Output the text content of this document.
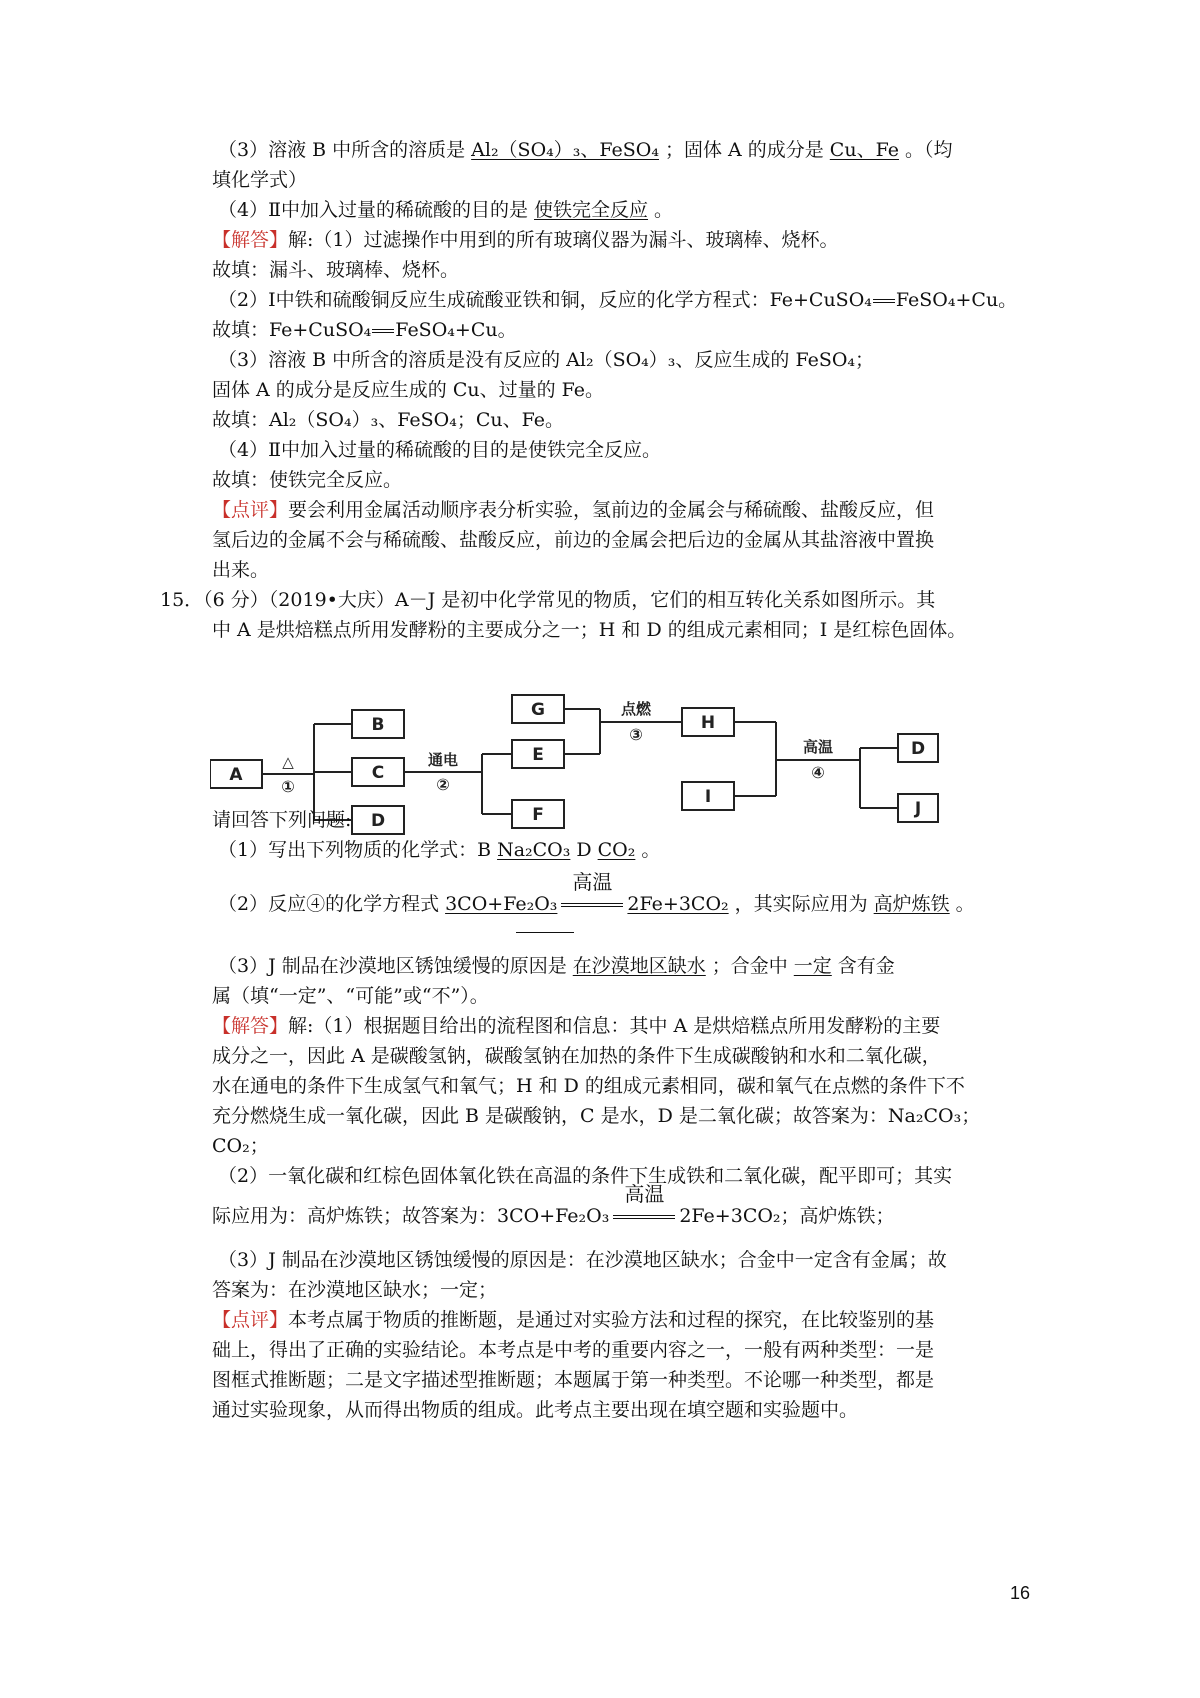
（3）溶液 B 中所含的溶质是 Al₂（SO₄）₃、FeSO₄ ；固体 A 的成分是 Cu、Fe 。（均
填化学式）
（4）Ⅱ中加入过量的稀硫酸的目的是 使铁完全反应 。
【解答】解:（1）过滤操作中用到的所有玻璃仪器为漏斗、玻璃棒、烧杯。
故填：漏斗、玻璃棒、烧杯。
（2）Ⅰ中铁和硫酸铜反应生成硫酸亚铁和铜，反应的化学方程式：Fe+CuSO₄ FeSO₄+Cu。
故填：Fe+CuSO₄ FeSO₄+Cu。
（3）溶液 B 中所含的溶质是没有反应的 Al₂（SO₄）₃、反应生成的 FeSO₄；
固体 A 的成分是反应生成的 Cu、过量的 Fe。
故填：Al₂（SO₄）₃、FeSO₄；Cu、Fe。
（4）Ⅱ中加入过量的稀硫酸的目的是使铁完全反应。
故填：使铁完全反应。
【点评】要会利用金属活动顺序表分析实验，氢前边的金属会与稀硫酸、盐酸反应，但
氢后边的金属不会与稀硫酸、盐酸反应，前边的金属会把后边的金属从其盐溶液中置换
出来。
15．（6 分）（2019•大庆）A－J 是初中化学常见的物质，它们的相互转化关系如图所示。其
中 A 是烘焙糕点所用发酵粉的主要成分之一；H 和 D 的组成元素相同；I 是红棕色固体。
A
B
C
D
E
F
G
H
I
D
J
△
①
通电
②
点燃
③
高温
④
请回答下列问题:
（1）写出下列物质的化学式：B Na₂CO₃ D CO₂ 。
（2）反应④的化学方程式 3CO+Fe₂O₃
高温
2Fe+3CO₂ ，其实际应用为 高炉炼铁 。
（3）J 制品在沙漠地区锈蚀缓慢的原因是 在沙漠地区缺水 ；合金中 一定 含有金
属（填“一定”、“可能”或“不”）。
【解答】解:（1）根据题目给出的流程图和信息：其中 A 是烘焙糕点所用发酵粉的主要
成分之一，因此 A 是碳酸氢钠，碳酸氢钠在加热的条件下生成碳酸钠和水和二氧化碳，
水在通电的条件下生成氢气和氧气；H 和 D 的组成元素相同，碳和氧气在点燃的条件下不
充分燃烧生成一氧化碳，因此 B 是碳酸钠，C 是水，D 是二氧化碳；故答案为：Na₂CO₃；
CO₂；
（2）一氧化碳和红棕色固体氧化铁在高温的条件下生成铁和二氧化碳，配平即可；其实
际应用为：高炉炼铁；故答案为：3CO+Fe₂O₃
高温
2Fe+3CO₂；高炉炼铁；
（3）J 制品在沙漠地区锈蚀缓慢的原因是：在沙漠地区缺水；合金中一定含有金属；故
答案为：在沙漠地区缺水；一定；
【点评】本考点属于物质的推断题，是通过对实验方法和过程的探究，在比较鉴别的基
础上，得出了正确的实验结论。本考点是中考的重要内容之一，一般有两种类型：一是
图框式推断题；二是文字描述型推断题；本题属于第一种类型。不论哪一种类型，都是
通过实验现象，从而得出物质的组成。此考点主要出现在填空题和实验题中。
16
